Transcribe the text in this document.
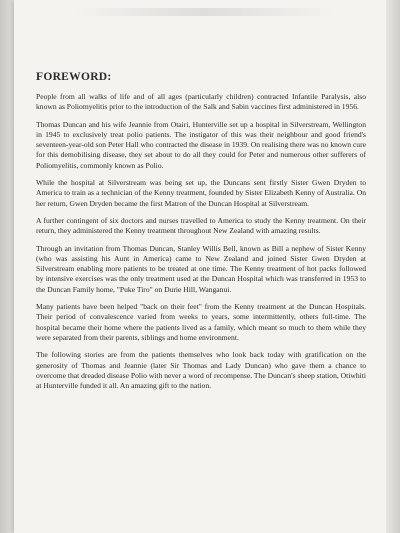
FOREWORD:

People from all walks of life and of all ages (particularly children) contracted Infantile Paralysis, also known as Poliomyelitis prior to the introduction of the Salk and Sabin vaccines first administered in 1956.

Thomas Duncan and his wife Jeannie from Otairi, Hunterville set up a hospital in Silverstream, Wellington in 1945 to exclusively treat polio patients. The instigator of this was their neighbour and good friend's seventeen-year-old son Peter Hall who contracted the disease in 1939. On realising there was no known cure for this demobilising disease, they set about to do all they could for Peter and numerous other sufferers of Poliomyelitis, commonly known as Polio.

While the hospital at Silverstream was being set up, the Duncans sent firstly Sister Gwen Dryden to America to train as a technician of the Kenny treatment, founded by Sister Elizabeth Kenny of Australia. On her return, Gwen Dryden became the first Matron of the Duncan Hospital at Silverstream.

A further contingent of six doctors and nurses travelled to America to study the Kenny treatment. On their return, they administered the Kenny treatment throughout New Zealand with amazing results.

Through an invitation from Thomas Duncan, Stanley Willis Bell, known as Bill a nephew of Sister Kenny (who was assisting his Aunt in America) came to New Zealand and joined Sister Gwen Dryden at Silverstream enabling more patients to be treated at one time. The Kenny treatment of hot packs followed by intensive exercises was the only treatment used at the Duncan Hospital which was transferred in 1953 to the Duncan Family home, "Puke Tiro" on Durie Hill, Wanganui.

Many patients have been helped "back on their feet" from the Kenny treatment at the Duncan Hospitals. Their period of convalescence varied from weeks to years, some intermittently, others full-time. The hospital became their home where the patients lived as a family, which meant so much to them while they were separated from their parents, siblings and home environment.

The following stories are from the patients themselves who look back today with gratification on the generosity of Thomas and Jeannie (later Sir Thomas and Lady Duncan) who gave them a chance to overcome that dreaded disease Polio with never a word of recompense. The Duncan's sheep station, Otiwhiti at Hunterville funded it all. An amazing gift to the nation.
